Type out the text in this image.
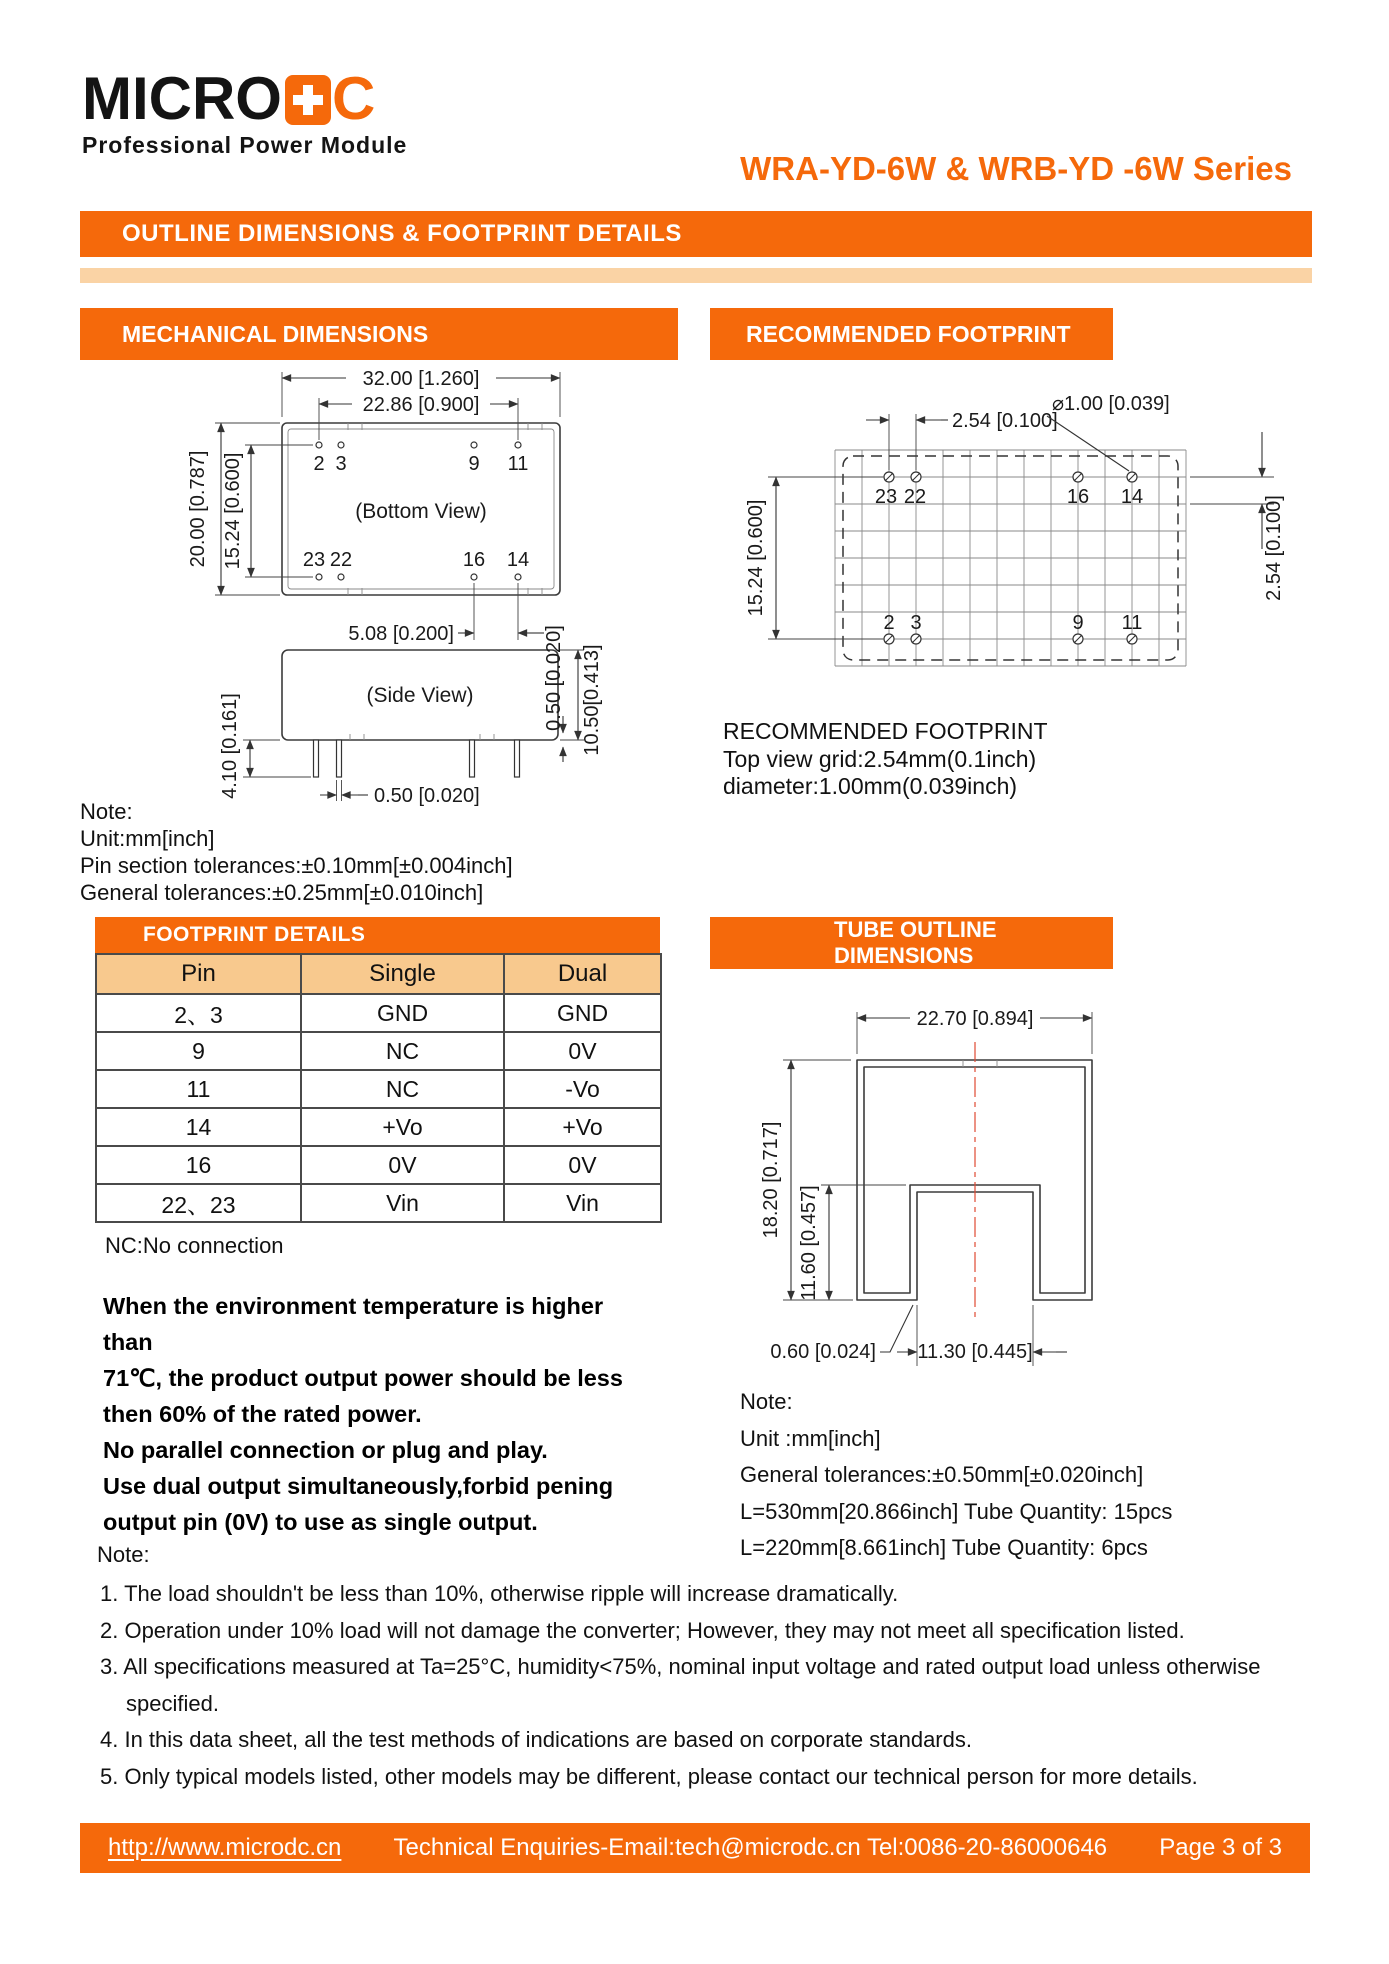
MICRO C
Professional Power Module
WRA-YD-6W & WRB-YD -6W Series
OUTLINE DIMENSIONS & FOOTPRINT DETAILS
MECHANICAL DIMENSIONS	RECOMMENDED FOOTPRINT
TUBE OUTLINE DIMENSIONS
2 3	9 11
23 22	16 14
(Bottom View)
32.00 [1.260]
22.86 [0.900]
20.00 [0.787] 15.24 [0.600]
5.08 [0.200]
(Side View)
4.10 [0.161]	0.50 [0.020]
0.50 [0.020] 10.50[0.413]
23 22	16 14
2 3	9 11
2.54 [0.100]
⌀1.00 [0.039]
15.24 [0.600]	2.54 [0.100]
RECOMMENDED FOOTPRINT
Top view grid:2.54mm(0.1inch)
diameter:1.00mm(0.039inch)
Note:
Unit:mm[inch]
Pin section tolerances:±0.10mm[±0.004inch]
General tolerances:±0.25mm[±0.010inch]
FOOTPRINT DETAILS
Pin	Single	Dual
2、3	GND	GND
9	NC	0V
11	NC	-Vo
14	+Vo	+Vo
16	0V	0V
22、23	Vin	Vin
NC:No connection
When the environment temperature is higher than
71℃, the product output power should be less
then 60% of the rated power.
No parallel connection or plug and play.
Use dual output simultaneously,forbid pening
output pin (0V) to use as single output.
22.70 [0.894]
18.20 [0.717]
11.60 [0.457]
0.60 [0.024] 11.30 [0.445]
Note:
Unit :mm[inch]
General tolerances:±0.50mm[±0.020inch]
L=530mm[20.866inch] Tube Quantity: 15pcs
L=220mm[8.661inch] Tube Quantity: 6pcs
Note:
1. The load shouldn't be less than 10%, otherwise ripple will increase dramatically.
2. Operation under 10% load will not damage the converter; However, they may not meet all specification listed.
3. All specifications measured at Ta=25°C, humidity<75%, nominal input voltage and rated output load unless otherwise specified.
4. In this data sheet, all the test methods of indications are based on corporate standards.
5. Only typical models listed, other models may be different, please contact our technical person for more details.
http://www.microdc.cn	Technical Enquiries-Email:tech@microdc.cn Tel:0086-20-86000646	Page 3 of 3
